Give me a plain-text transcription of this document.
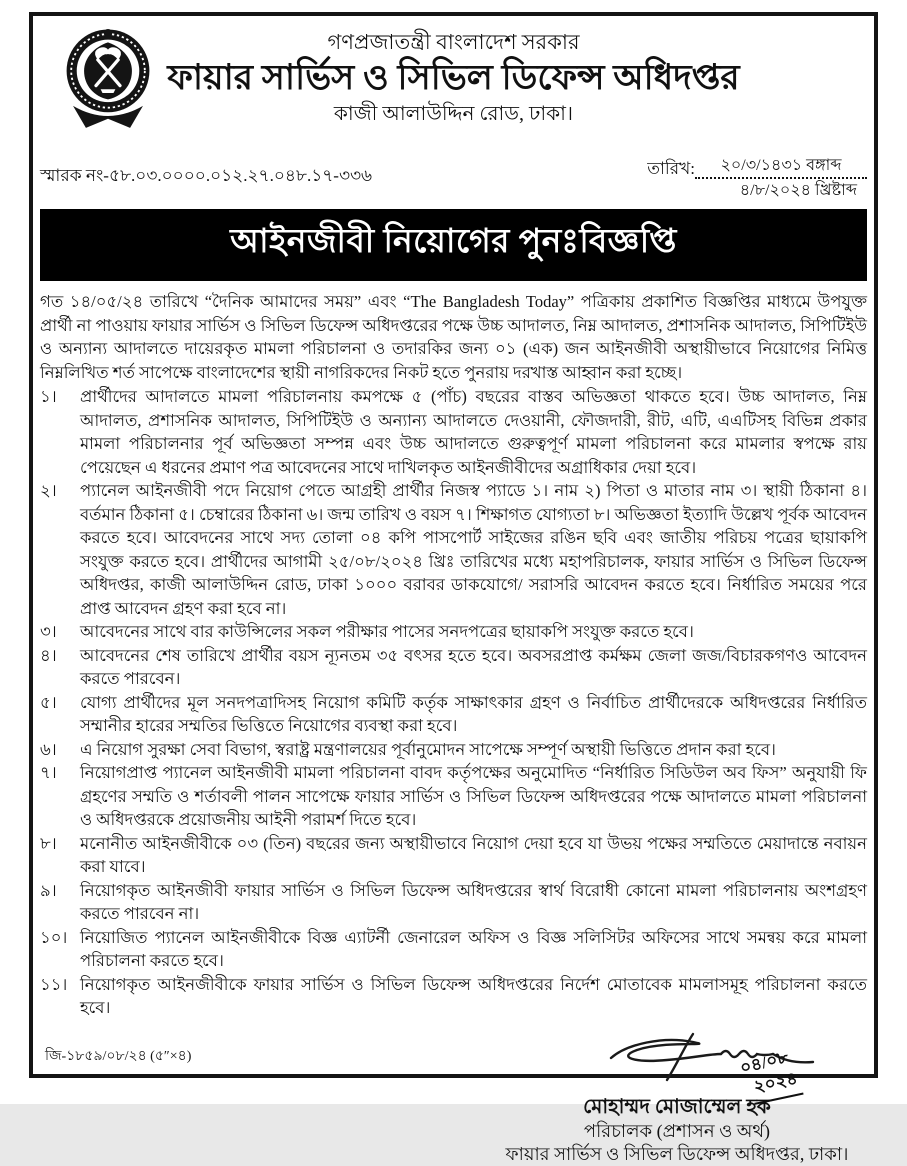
গণপ্রজাতন্ত্রী বাংলাদেশ সরকার
ফায়ার সার্ভিস ও সিভিল ডিফেন্স অধিদপ্তর
কাজী আলাউদ্দিন রোড, ঢাকা।
স্মারক নং-৫৮.০৩.০০০০.০১২.২৭.০৪৮.১৭-৩৩৬	তারিখ:	২০/৩/১৪৩১ বঙ্গাব্দ
৪/৮/২০২৪ খ্রিষ্টাব্দ
আইনজীবী নিয়োগের পুনঃবিজ্ঞপ্তি
গত ১৪/০৫/২৪ তারিখে “দৈনিক আমাদের সময়” এবং “The Bangladesh Today” পত্রিকায় প্রকাশিত বিজ্ঞপ্তির মাধ্যমে উপযুক্ত প্রার্থী না পাওয়ায় ফায়ার সার্ভিস ও সিভিল ডিফেন্স অধিদপ্তরের পক্ষে উচ্চ আদালত, নিম্ন আদালত, প্রশাসনিক আদালত, সিপিটিইউ ও অন্যান্য আদালতে দায়েরকৃত মামলা পরিচালনা ও তদারকির জন্য ০১ (এক) জন আইনজীবী অস্থায়ীভাবে নিয়োগের নিমিত্ত নিম্নলিখিত শর্ত সাপেক্ষে বাংলাদেশের স্থায়ী নাগরিকদের নিকট হতে পুনরায় দরখাস্ত আহ্বান করা হচ্ছে।
১।	প্রার্থীদের আদালতে মামলা পরিচালনায় কমপক্ষে ৫ (পাঁচ) বছরের বাস্তব অভিজ্ঞতা থাকতে হবে। উচ্চ আদালত, নিম্ন আদালত, প্রশাসনিক আদালত, সিপিটিইউ ও অন্যান্য আদালতে দেওয়ানী, ফৌজদারী, রীট, এটি, এএটিসহ বিভিন্ন প্রকার মামলা পরিচালনার পূর্ব অভিজ্ঞতা সম্পন্ন এবং উচ্চ আদালতে গুরুত্বপূর্ণ মামলা পরিচালনা করে মামলার স্বপক্ষে রায় পেয়েছেন এ ধরনের প্রমাণ পত্র আবেদনের সাথে দাখিলকৃত আইনজীবীদের অগ্রাধিকার দেয়া হবে।
২।	প্যানেল আইনজীবী পদে নিয়োগ পেতে আগ্রহী প্রার্থীর নিজস্ব প্যাডে ১। নাম ২) পিতা ও মাতার নাম ৩। স্থায়ী ঠিকানা ৪। বর্তমান ঠিকানা ৫। চেম্বারের ঠিকানা ৬। জন্ম তারিখ ও বয়স ৭। শিক্ষাগত যোগ্যতা ৮। অভিজ্ঞতা ইত্যাদি উল্লেখ পূর্বক আবেদন করতে হবে। আবেদনের সাথে সদ্য তোলা ০৪ কপি পাসপোর্ট সাইজের রঙিন ছবি এবং জাতীয় পরিচয় পত্রের ছায়াকপি সংযুক্ত করতে হবে। প্রার্থীদের আগামী ২৫/০৮/২০২৪ খ্রিঃ তারিখের মধ্যে মহাপরিচালক, ফায়ার সার্ভিস ও সিভিল ডিফেন্স অধিদপ্তর, কাজী আলাউদ্দিন রোড, ঢাকা ১০০০ বরাবর ডাকযোগে/ সরাসরি আবেদন করতে হবে। নির্ধারিত সময়ের পরে প্রাপ্ত আবেদন গ্রহণ করা হবে না।
৩।	আবেদনের সাথে বার কাউন্সিলের সকল পরীক্ষার পাসের সনদপত্রের ছায়াকপি সংযুক্ত করতে হবে।
৪।	আবেদনের শেষ তারিখে প্রার্থীর বয়স ন্যূনতম ৩৫ বৎসর হতে হবে। অবসরপ্রাপ্ত কর্মক্ষম জেলা জজ/বিচারকগণও আবেদন করতে পারবেন।
৫।	যোগ্য প্রার্থীদের মূল সনদপত্রাদিসহ নিয়োগ কমিটি কর্তৃক সাক্ষাৎকার গ্রহণ ও নির্বাচিত প্রার্থীদেরকে অধিদপ্তরের নির্ধারিত সম্মানীর হারের সম্মতির ভিত্তিতে নিয়োগের ব্যবস্থা করা হবে।
৬।	এ নিয়োগ সুরক্ষা সেবা বিভাগ, স্বরাষ্ট্র মন্ত্রণালয়ের পূর্বানুমোদন সাপেক্ষে সম্পূর্ণ অস্থায়ী ভিত্তিতে প্রদান করা হবে।
৭।	নিয়োগপ্রাপ্ত প্যানেল আইনজীবী মামলা পরিচালনা বাবদ কর্তৃপক্ষের অনুমোদিত “নির্ধারিত সিডিউল অব ফিস” অনুযায়ী ফি গ্রহণের সম্মতি ও শর্তাবলী পালন সাপেক্ষে ফায়ার সার্ভিস ও সিভিল ডিফেন্স অধিদপ্তরের পক্ষে আদালতে মামলা পরিচালনা ও অধিদপ্তরকে প্রয়োজনীয় আইনী পরামর্শ দিতে হবে।
৮।	মনোনীত আইনজীবীকে ০৩ (তিন) বছরের জন্য অস্থায়ীভাবে নিয়োগ দেয়া হবে যা উভয় পক্ষের সম্মতিতে মেয়াদান্তে নবায়ন করা যাবে।
৯।	নিয়োগকৃত আইনজীবী ফায়ার সার্ভিস ও সিভিল ডিফেন্স অধিদপ্তরের স্বার্থ বিরোধী কোনো মামলা পরিচালনায় অংশগ্রহণ করতে পারবেন না।
১০। নিয়োজিত প্যানেল আইনজীবীকে বিজ্ঞ এ্যাটর্নী জেনারেল অফিস ও বিজ্ঞ সলিসিটর অফিসের সাথে সমন্বয় করে মামলা পরিচালনা করতে হবে।
১১। নিয়োগকৃত আইনজীবীকে ফায়ার সার্ভিস ও সিভিল ডিফেন্স অধিদপ্তরের নির্দেশ মোতাবেক মামলাসমূহ পরিচালনা করতে হবে।
০৪/০৮
২০২৪
মোহাম্মদ মোজাম্মেল হক
পরিচালক (প্রশাসন ও অর্থ)
ফায়ার সার্ভিস ও সিভিল ডিফেন্স অধিদপ্তর, ঢাকা।
জি-১৮৫৯/০৮/২৪ (৫″×৪)
